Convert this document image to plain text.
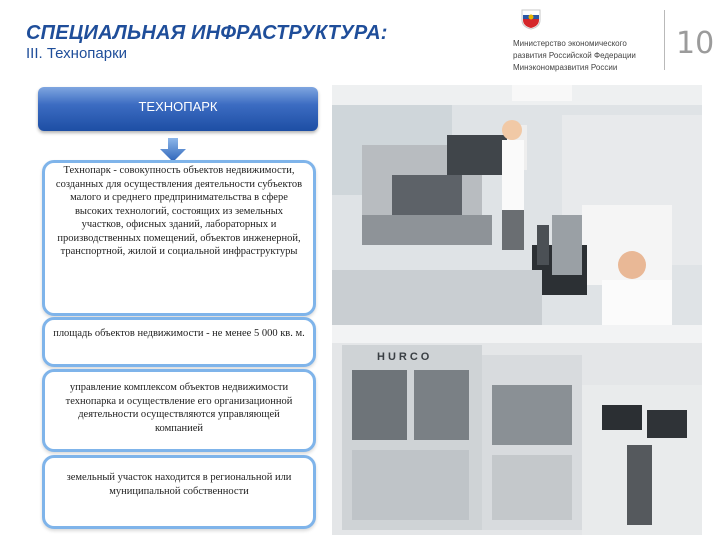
СПЕЦИАЛЬНАЯ ИНФРАСТРУКТУРА:
III. Технопарки
Министерство экономического
развития Российской Федерации
Минэкономразвития России
10
ТЕХНОПАРК
Технопарк - совокупность объектов недвижимости, созданных для осуществления деятельности субъектов малого и среднего предпринимательства в сфере высоких технологий, состоящих из земельных участков, офисных зданий, лабораторных и производственных помещений, объектов инженерной, транспортной, жилой и социальной инфраструктуры
площадь объектов недвижимости - не менее 5 000 кв. м.
управление комплексом объектов недвижимости технопарка и осуществление его организационной деятельности осуществляются управляющей компанией
земельный участок находится в региональной или муниципальной собственности
HURCO
